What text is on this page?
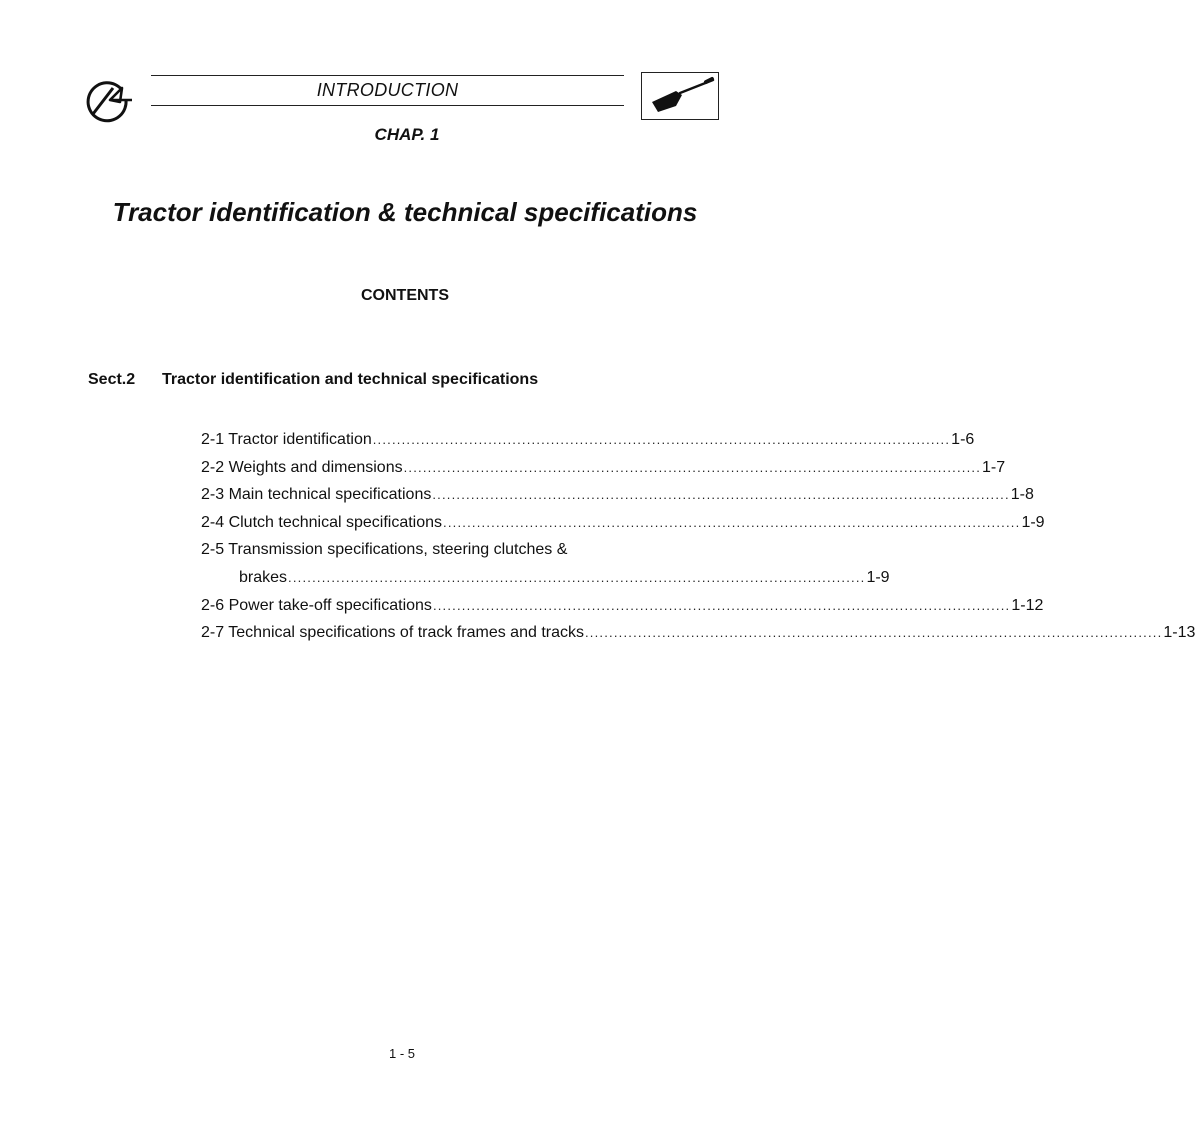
INTRODUCTION
CHAP. 1
Tractor identification & technical specifications
CONTENTS
Sect.2 Tractor identification and technical specifications
2-1 Tractor identification ........................................................................................................................ 1-6
2-2 Weights and dimensions ........................................................................................................................ 1-7
2-3 Main technical specifications ........................................................................................................................ 1-8
2-4 Clutch technical specifications ........................................................................................................................ 1-9
2-5 Transmission specifications, steering clutches &
brakes ........................................................................................................................ 1-9
2-6 Power take-off specifications ........................................................................................................................ 1-12
2-7 Technical specifications of track frames and tracks ........................................................................................................................ 1-13
1 - 5
